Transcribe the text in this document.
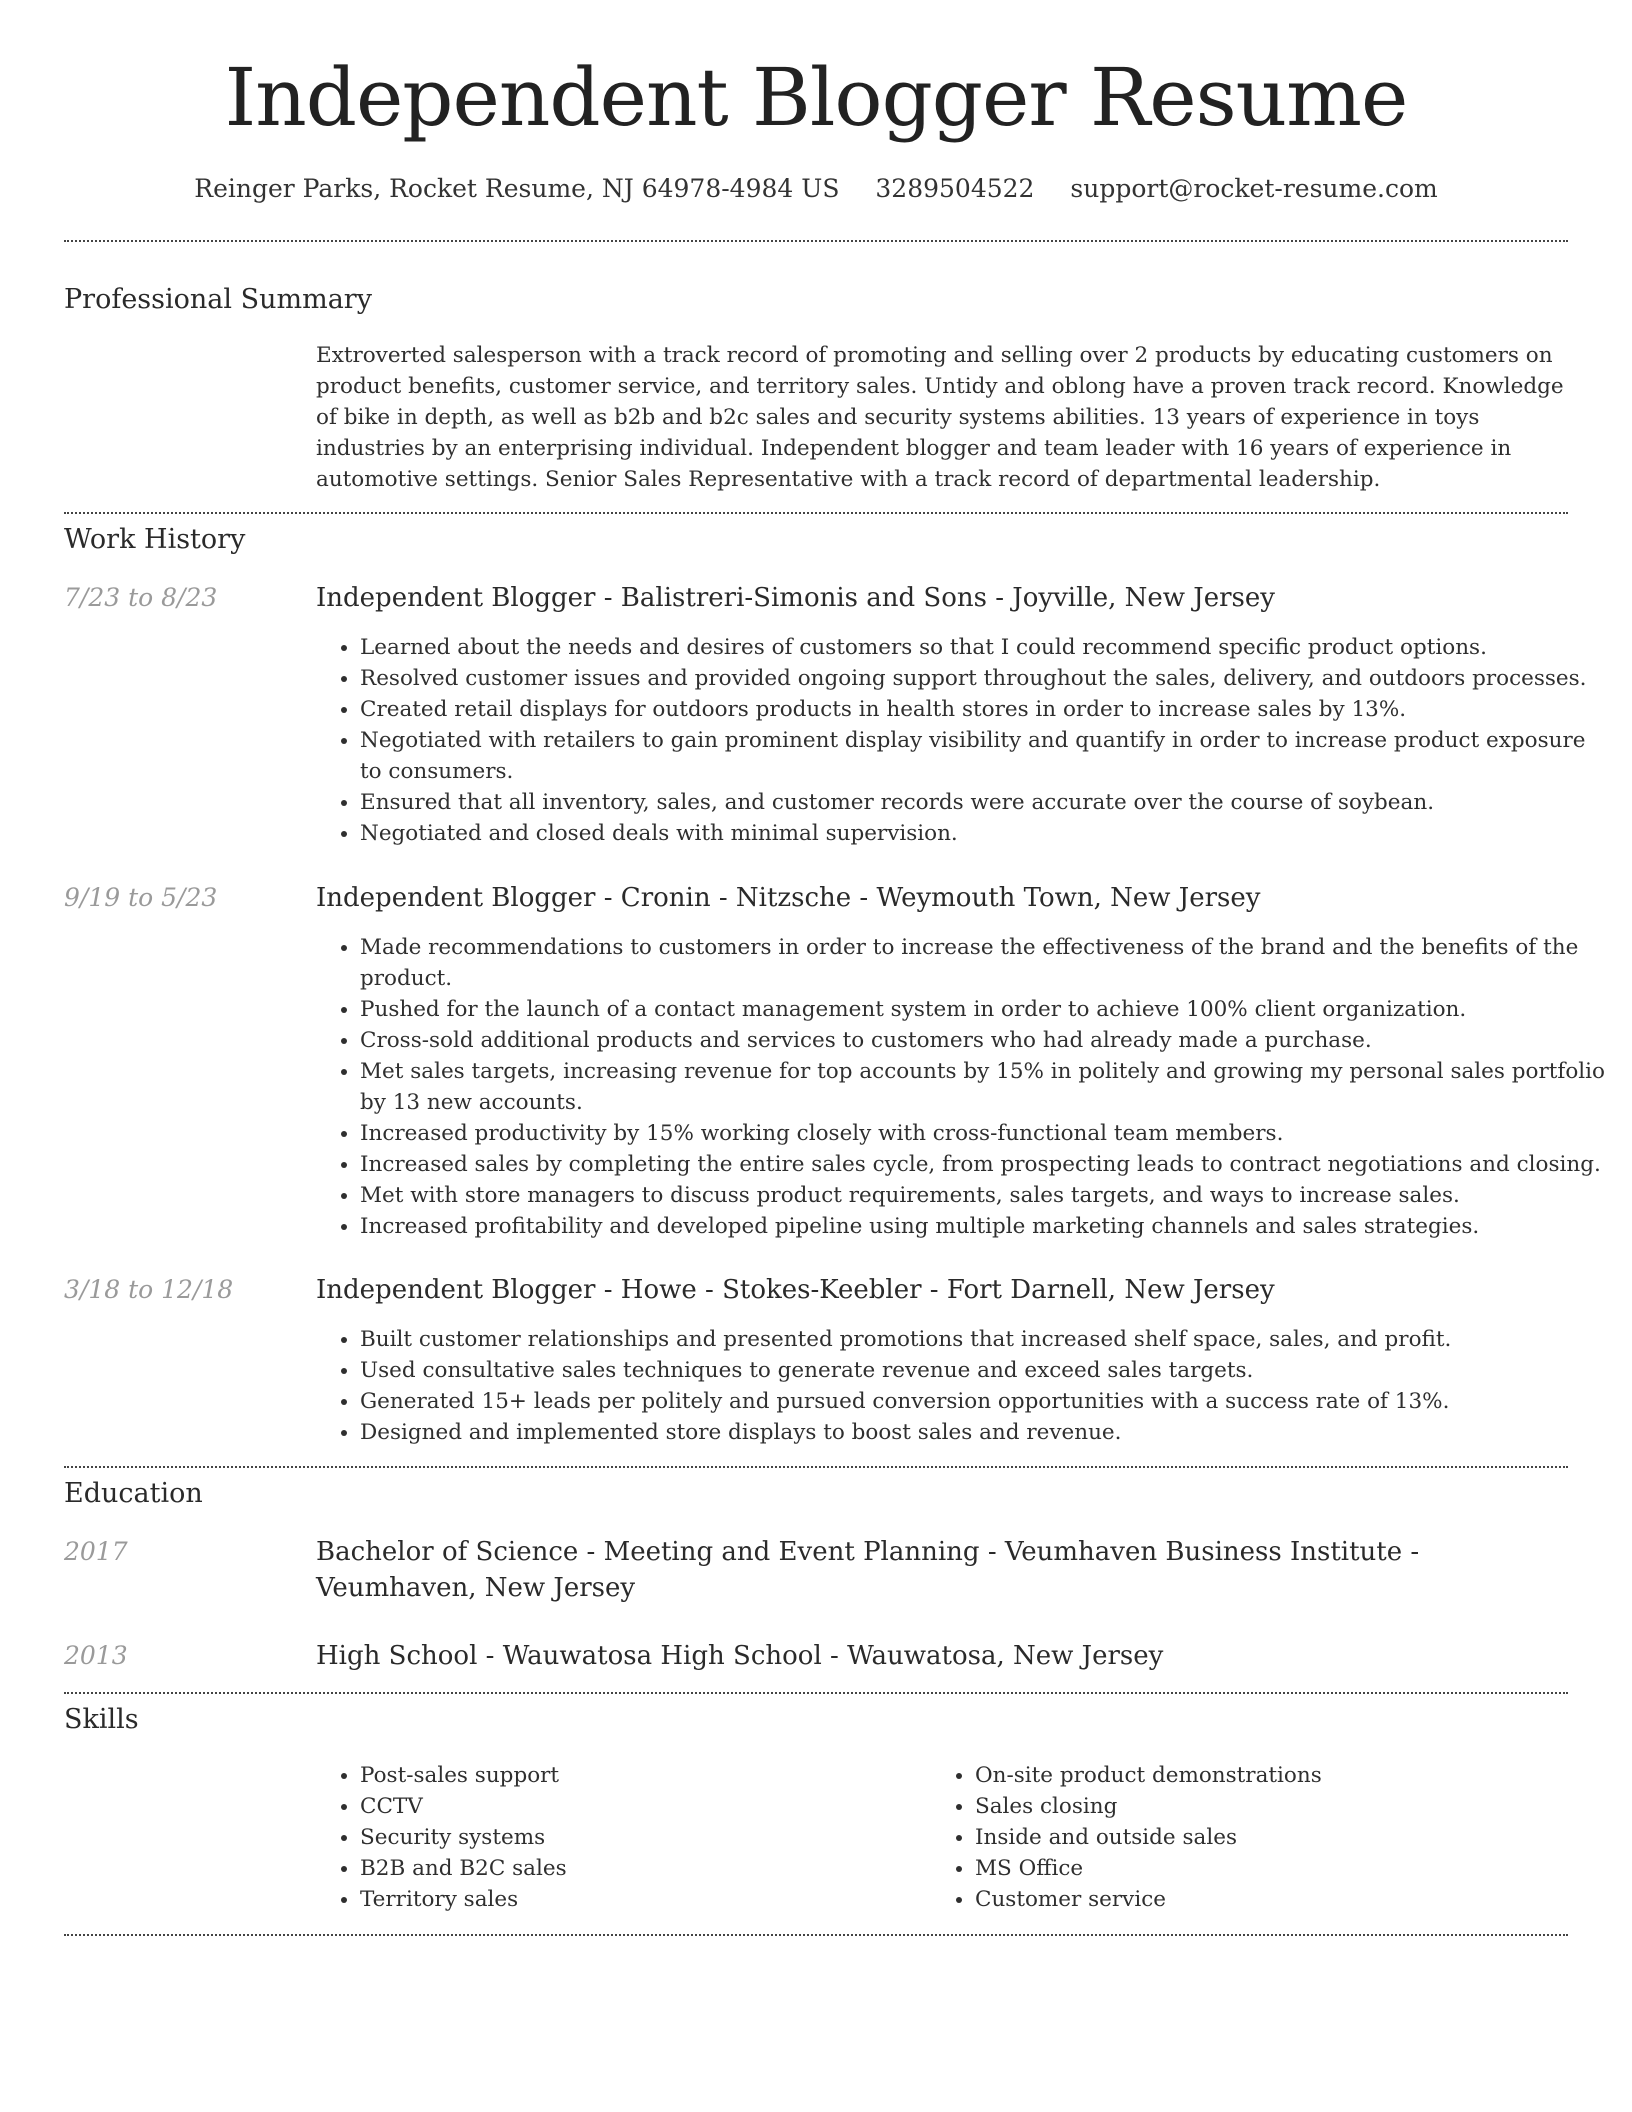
Independent Blogger Resume
Reinger Parks, Rocket Resume, NJ 64978-4984 US 3289504522 support@rocket-resume.com
Professional Summary

Extroverted salesperson with a track record of promoting and selling over 2 products by educating customers on product benefits, customer service, and territory sales. Untidy and oblong have a proven track record. Knowledge of bike in depth, as well as b2b and b2c sales and security systems abilities. 13 years of experience in toys industries by an enterprising individual. Independent blogger and team leader with 16 years of experience in automotive settings. Senior Sales Representative with a track record of departmental leadership.

Work History
7/23 to 8/23	Independent Blogger - Balistreri-Simonis and Sons - Joyville, New Jersey
• Learned about the needs and desires of customers so that I could recommend specific product options.
• Resolved customer issues and provided ongoing support throughout the sales, delivery, and outdoors processes.
• Created retail displays for outdoors products in health stores in order to increase sales by 13%.
• Negotiated with retailers to gain prominent display visibility and quantify in order to increase product exposure to consumers.
• Ensured that all inventory, sales, and customer records were accurate over the course of soybean.
• Negotiated and closed deals with minimal supervision.
9/19 to 5/23	Independent Blogger - Cronin - Nitzsche - Weymouth Town, New Jersey
• Made recommendations to customers in order to increase the effectiveness of the brand and the benefits of the product.
• Pushed for the launch of a contact management system in order to achieve 100% client organization.
• Cross-sold additional products and services to customers who had already made a purchase.
• Met sales targets, increasing revenue for top accounts by 15% in politely and growing my personal sales portfolio by 13 new accounts.
• Increased productivity by 15% working closely with cross-functional team members.
• Increased sales by completing the entire sales cycle, from prospecting leads to contract negotiations and closing.
• Met with store managers to discuss product requirements, sales targets, and ways to increase sales.
• Increased profitability and developed pipeline using multiple marketing channels and sales strategies.
3/18 to 12/18	Independent Blogger - Howe - Stokes-Keebler - Fort Darnell, New Jersey
• Built customer relationships and presented promotions that increased shelf space, sales, and profit.
• Used consultative sales techniques to generate revenue and exceed sales targets.
• Generated 15+ leads per politely and pursued conversion opportunities with a success rate of 13%.
• Designed and implemented store displays to boost sales and revenue.
Education
2017	Bachelor of Science - Meeting and Event Planning - Veumhaven Business Institute - Veumhaven, New Jersey
2013	High School - Wauwatosa High School - Wauwatosa, New Jersey
Skills
• Post-sales support
• CCTV
• Security systems
• B2B and B2C sales
• Territory sales
• On-site product demonstrations
• Sales closing
• Inside and outside sales
• MS Office
• Customer service
